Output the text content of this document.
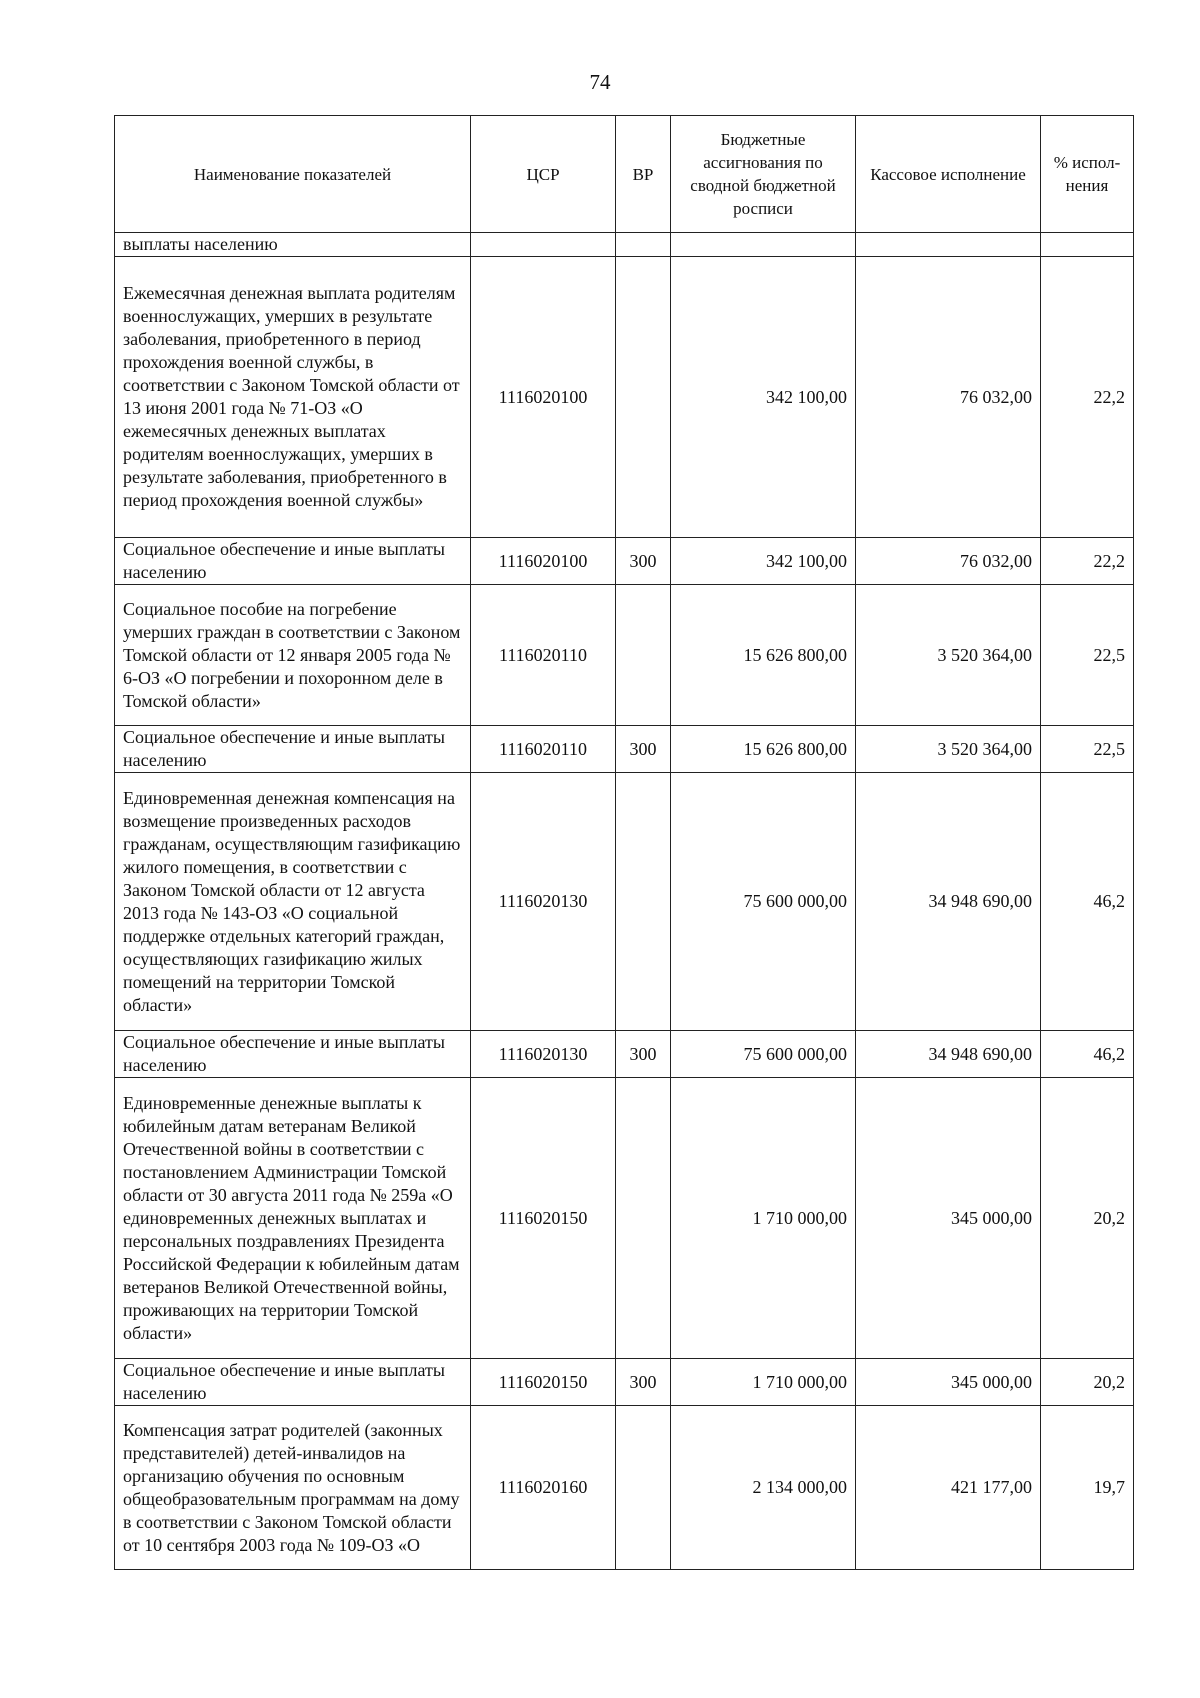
74
Наименование показателей	ЦСР	ВР	Бюджетные ассигнования по сводной бюджетной росписи	Кассовое исполнение	% испол-нения
выплаты населению					
Ежемесячная денежная выплата родителям военнослужащих, умерших в результате заболевания, приобретенного в период прохождения военной службы, в соответствии с Законом Томской области от 13 июня 2001 года № 71-ОЗ «О ежемесячных денежных выплатах родителям военнослужащих, умерших в результате заболевания, приобретенного в период прохождения военной службы»	1116020100		342 100,00	76 032,00	22,2
Социальное обеспечение и иные выплаты населению	1116020100	300	342 100,00	76 032,00	22,2
Социальное пособие на погребение умерших граждан в соответствии с Законом Томской области от 12 января 2005 года № 6-ОЗ «О погребении и похоронном деле в Томской области»	1116020110		15 626 800,00	3 520 364,00	22,5
Социальное обеспечение и иные выплаты населению	1116020110	300	15 626 800,00	3 520 364,00	22,5
Единовременная денежная компенсация на возмещение произведенных расходов гражданам, осуществляющим газификацию жилого помещения, в соответствии с Законом Томской области от 12 августа 2013 года № 143-ОЗ «О социальной поддержке отдельных категорий граждан, осуществляющих газификацию жилых помещений на территории Томской области»	1116020130		75 600 000,00	34 948 690,00	46,2
Социальное обеспечение и иные выплаты населению	1116020130	300	75 600 000,00	34 948 690,00	46,2
Единовременные денежные выплаты к юбилейным датам ветеранам Великой Отечественной войны в соответствии с постановлением Администрации Томской области от 30 августа 2011 года № 259а «О единовременных денежных выплатах и персональных поздравлениях Президента Российской Федерации к юбилейным датам ветеранов Великой Отечественной войны, проживающих на территории Томской области»	1116020150		1 710 000,00	345 000,00	20,2
Социальное обеспечение и иные выплаты населению	1116020150	300	1 710 000,00	345 000,00	20,2
Компенсация затрат родителей (законных представителей) детей-инвалидов на организацию обучения по основным общеобразовательным программам на дому в соответствии с Законом Томской области от 10 сентября 2003 года № 109-ОЗ «О	1116020160		2 134 000,00	421 177,00	19,7
